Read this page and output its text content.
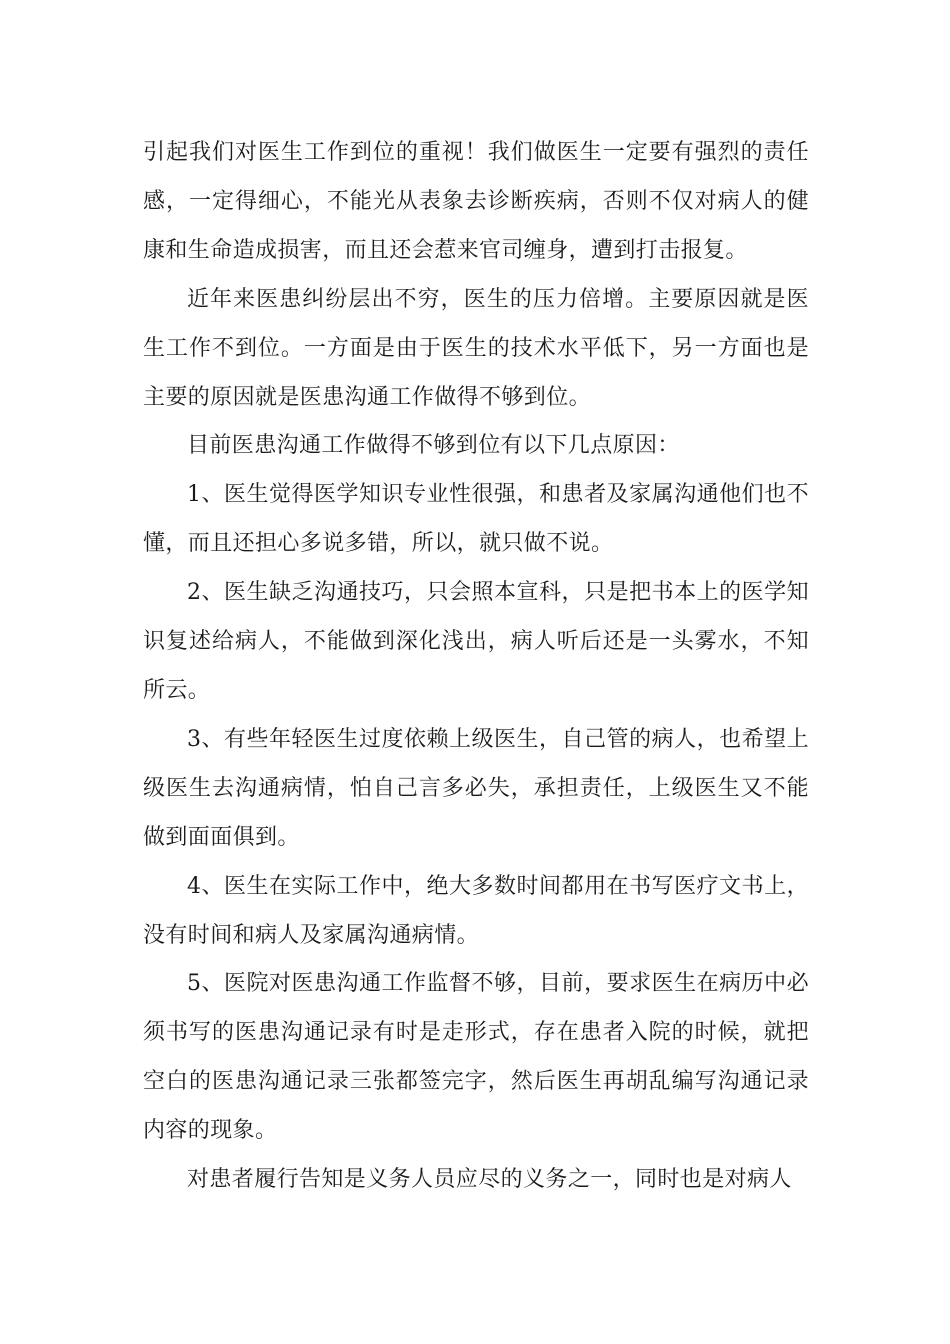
引起我们对医生工作到位的重视！我们做医生一定要有强烈的责任感，一定得细心，不能光从表象去诊断疾病，否则不仅对病人的健康和生命造成损害，而且还会惹来官司缠身，遭到打击报复。

近年来医患纠纷层出不穷，医生的压力倍增。主要原因就是医生工作不到位。一方面是由于医生的技术水平低下，另一方面也是主要的原因就是医患沟通工作做得不够到位。

目前医患沟通工作做得不够到位有以下几点原因：

1、医生觉得医学知识专业性很强，和患者及家属沟通他们也不懂，而且还担心多说多错，所以，就只做不说。

2、医生缺乏沟通技巧，只会照本宣科，只是把书本上的医学知识复述给病人，不能做到深化浅出，病人听后还是一头雾水，不知所云。

3、有些年轻医生过度依赖上级医生，自己管的病人，也希望上级医生去沟通病情，怕自己言多必失，承担责任，上级医生又不能做到面面俱到。

4、医生在实际工作中，绝大多数时间都用在书写医疗文书上，没有时间和病人及家属沟通病情。

5、医院对医患沟通工作监督不够，目前，要求医生在病历中必须书写的医患沟通记录有时是走形式，存在患者入院的时候，就把空白的医患沟通记录三张都签完字，然后医生再胡乱编写沟通记录内容的现象。

对患者履行告知是义务人员应尽的义务之一，同时也是对病人
